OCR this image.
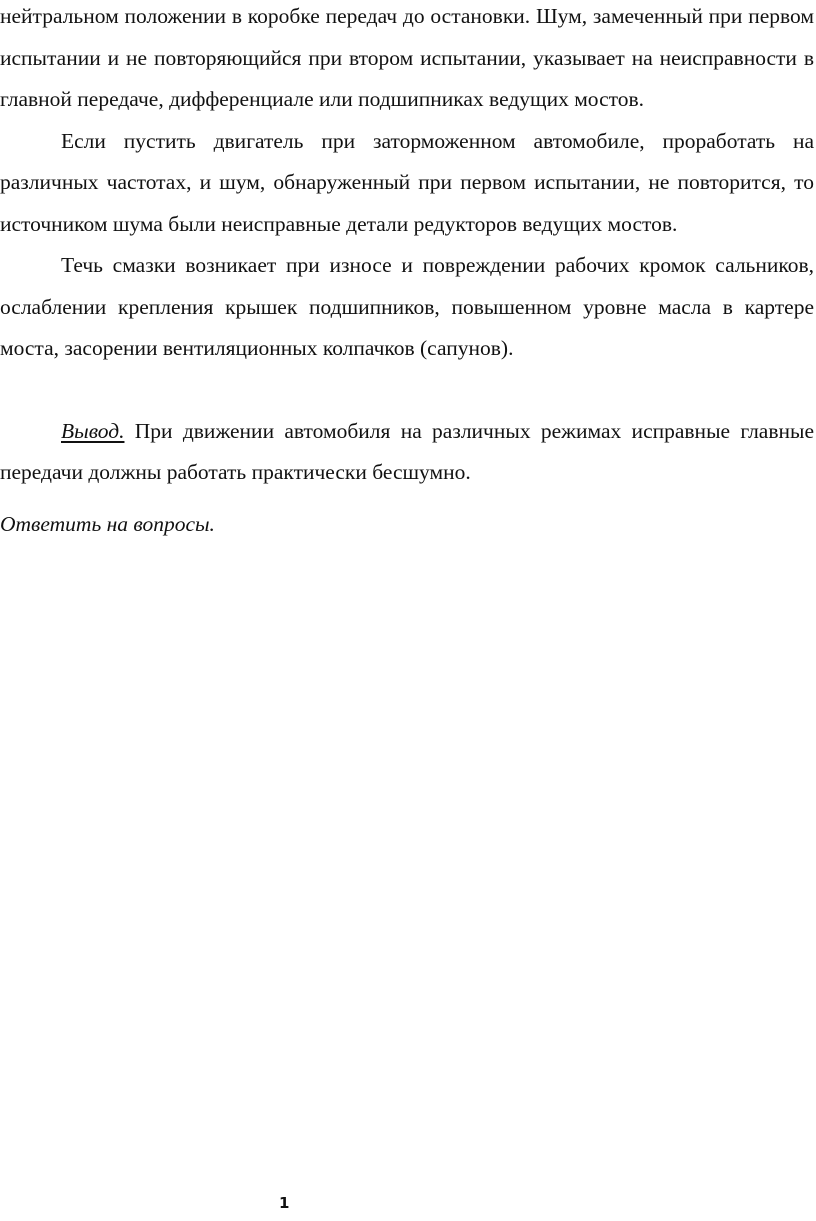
нейтральном положении в коробке передач до остановки. Шум, замеченный при первом испытании и не повторяющийся при втором испытании, указывает на неисправности в главной передаче, дифференциале или подшипниках ведущих мостов.

Если пустить двигатель при заторможенном автомобиле, проработать на различных частотах, и шум, обнаруженный при первом испытании, не повторится, то источником шума были неисправные детали редукторов ведущих мостов.

Течь смазки возникает при износе и повреждении рабочих кромок сальников, ослаблении крепления крышек подшипников, повышенном уровне масла в картере моста, засорении вентиляционных колпачков (сапунов).

Вывод. При движении автомобиля на различных режимах исправные главные передачи должны работать практически бесшумно.

Ответить на вопросы.

1
